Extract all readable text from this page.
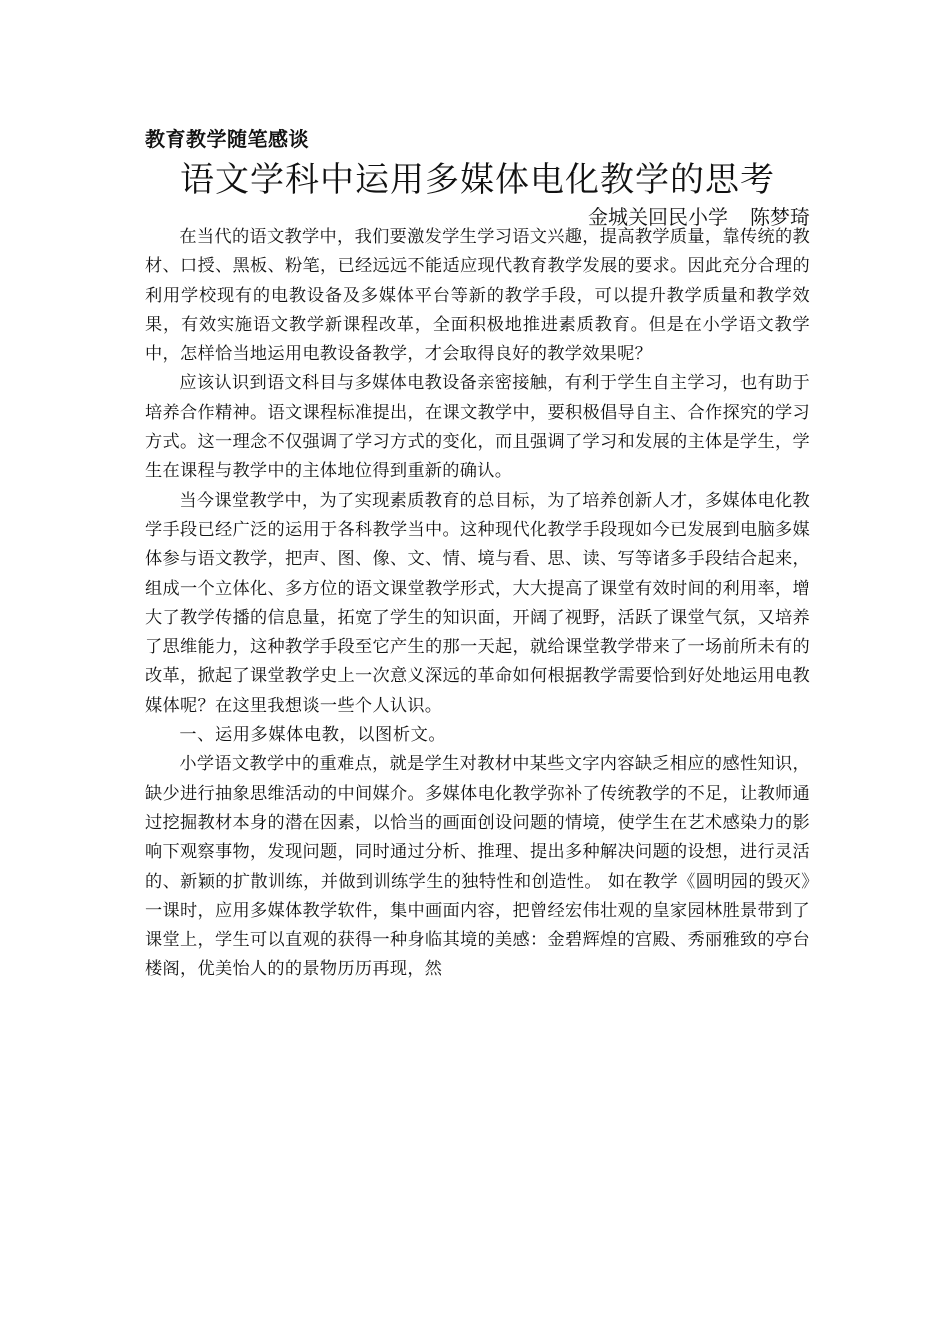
教育教学随笔感谈
语文学科中运用多媒体电化教学的思考
金城关回民小学 陈梦琦

在当代的语文教学中，我们要激发学生学习语文兴趣，提高教学质量，靠传统的教材、口授、黑板、粉笔，已经远远不能适应现代教育教学发展的要求。因此充分合理的利用学校现有的电教设备及多媒体平台等新的教学手段，可以提升教学质量和教学效果，有效实施语文教学新课程改革，全面积极地推进素质教育。但是在小学语文教学中，怎样恰当地运用电教设备教学，才会取得良好的教学效果呢？

应该认识到语文科目与多媒体电教设备亲密接触，有利于学生自主学习，也有助于培养合作精神。语文课程标准提出，在课文教学中，要积极倡导自主、合作探究的学习方式。这一理念不仅强调了学习方式的变化，而且强调了学习和发展的主体是学生，学生在课程与教学中的主体地位得到重新的确认。

当今课堂教学中，为了实现素质教育的总目标，为了培养创新人才，多媒体电化教学手段已经广泛的运用于各科教学当中。这种现代化教学手段现如今已发展到电脑多媒体参与语文教学，把声、图、像、文、情、境与看、思、读、写等诸多手段结合起来，组成一个立体化、多方位的语文课堂教学形式，大大提高了课堂有效时间的利用率，增大了教学传播的信息量，拓宽了学生的知识面，开阔了视野，活跃了课堂气氛，又培养了思维能力，这种教学手段至它产生的那一天起，就给课堂教学带来了一场前所未有的改革，掀起了课堂教学史上一次意义深远的革命如何根据教学需要恰到好处地运用电教媒体呢？在这里我想谈一些个人认识。

一、运用多媒体电教，以图析文。

小学语文教学中的重难点，就是学生对教材中某些文字内容缺乏相应的感性知识，缺少进行抽象思维活动的中间媒介。多媒体电化教学弥补了传统教学的不足，让教师通过挖掘教材本身的潜在因素，以恰当的画面创设问题的情境，使学生在艺术感染力的影响下观察事物，发现问题，同时通过分析、推理、提出多种解决问题的设想，进行灵活的、新颖的扩散训练，并做到训练学生的独特性和创造性。 如在教学《圆明园的毁灭》一课时，应用多媒体教学软件，集中画面内容，把曾经宏伟壮观的皇家园林胜景带到了课堂上，学生可以直观的获得一种身临其境的美感：金碧辉煌的宫殿、秀丽雅致的亭台楼阁，优美怡人的的景物历历再现，然
